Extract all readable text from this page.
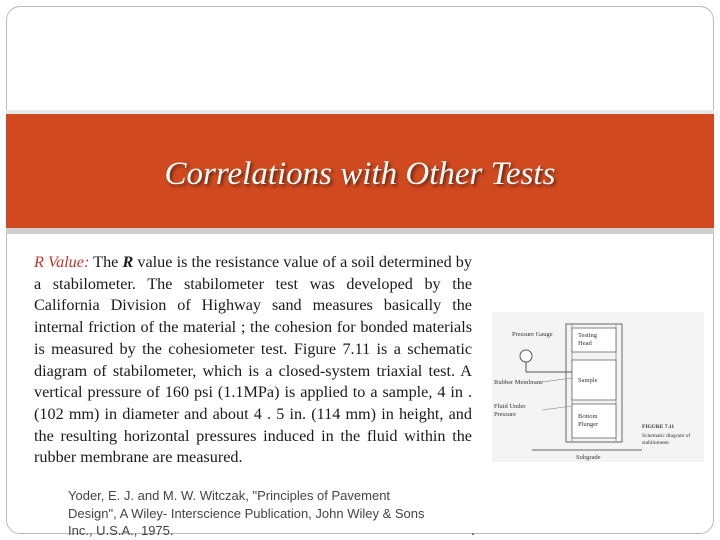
Correlations with Other Tests
R Value: The R value is the resistance value of a soil determined by a stabilometer. The stabilometer test was developed by the California Division of Highway sand measures basically the internal friction of the material ; the cohesion for bonded materials is measured by the cohesiometer test. Figure 7.11 is a schematic diagram of stabilometer, which is a closed-system triaxial test. A vertical pressure of 160 psi (1.1MPa) is applied to a sample, 4 in . (102 mm) in diameter and about 4 . 5 in. (114 mm) in height, and the resulting horizontal pressures induced in the fluid within the rubber membrane are measured.
Yoder, E. J. and M. W. Witczak, "Principles of Pavement Design", A Wiley- Interscience Publication, John Wiley & Sons Inc., U.S.A., 1975.	.
Pressure Gauge	Testing
Head
Sample
Rubber Membrane
Fluid Under
Pressure	Bottom
Plunger
Subgrade
FIGURE 7.11
Schematic diagram of
stabilometer
